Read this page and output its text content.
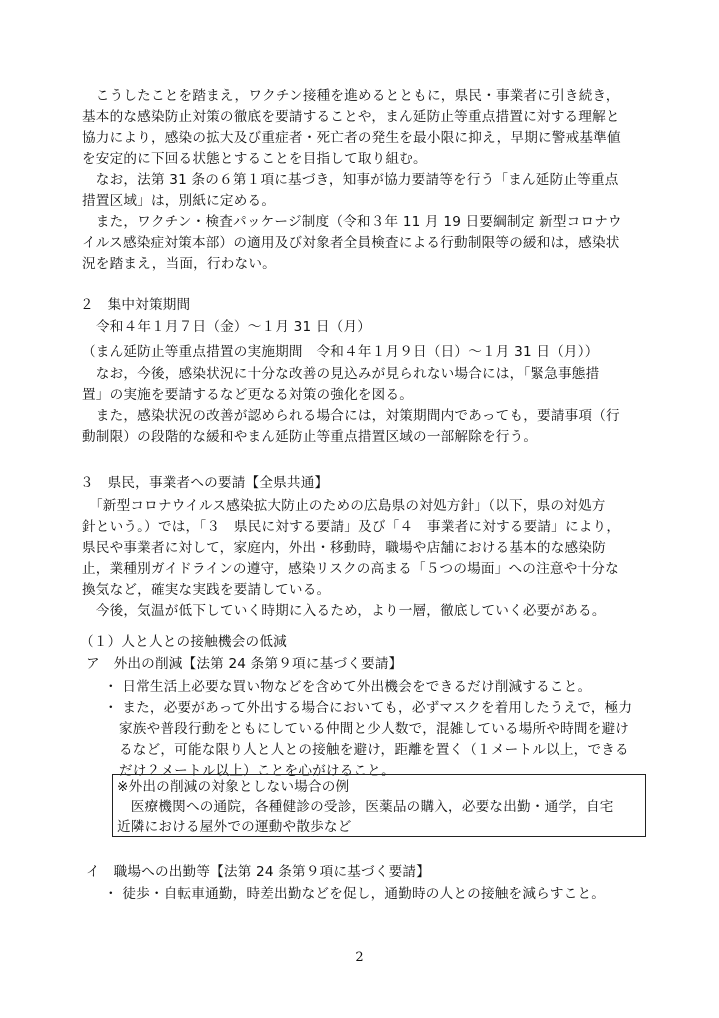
　こうしたことを踏まえ，ワクチン接種を進めるとともに，県民・事業者に引き続き，
基本的な感染防止対策の徹底を要請することや，まん延防止等重点措置に対する理解と
協力により，感染の拡大及び重症者・死亡者の発生を最小限に抑え，早期に警戒基準値
を安定的に下回る状態とすることを目指して取り組む。
　なお，法第 31 条の６第１項に基づき，知事が協力要請等を行う「まん延防止等重点
措置区域」は，別紙に定める。
　また，ワクチン・検査パッケージ制度（令和３年 11 月 19 日要綱制定 新型コロナウ
イルス感染症対策本部）の適用及び対象者全員検査による行動制限等の緩和は，感染状
況を踏まえ，当面，行わない。
２　集中対策期間
令和４年１月７日（金）～１月 31 日（月）
（まん延防止等重点措置の実施期間　令和４年１月９日（日）～１月 31 日（月））
　なお，今後，感染状況に十分な改善の見込みが見られない場合には，「緊急事態措
置」の実施を要請するなど更なる対策の強化を図る。
　また，感染状況の改善が認められる場合には，対策期間内であっても，要請事項（行
動制限）の段階的な緩和やまん延防止等重点措置区域の一部解除を行う。
３　県民，事業者への要請【全県共通】
　「新型コロナウイルス感染拡大防止のための広島県の対処方針」（以下，県の対処方
針という。）では，「３　県民に対する要請」及び「４　事業者に対する要請」により，
県民や事業者に対して，家庭内，外出・移動時，職場や店舗における基本的な感染防
止，業種別ガイドラインの遵守，感染リスクの高まる「５つの場面」への注意や十分な
換気など，確実な実践を要請している。
　今後，気温が低下していく時期に入るため，より一層，徹底していく必要がある。
（１）人と人との接触機会の低減
ア　外出の削減【法第 24 条第９項に基づく要請】
・ 日常生活上必要な買い物などを含めて外出機会をできるだけ削減すること。
・ また，必要があって外出する場合においても，必ずマスクを着用したうえで，極力
家族や普段行動をともにしている仲間と少人数で，混雑している場所や時間を避け
るなど，可能な限り人と人との接触を避け，距離を置く（１メートル以上，できる
だけ２メートル以上）ことを心がけること。
※外出の削減の対象としない場合の例
　医療機関への通院，各種健診の受診，医薬品の購入，必要な出勤・通学，自宅
近隣における屋外での運動や散歩など
イ　職場への出勤等【法第 24 条第９項に基づく要請】
・ 徒歩・自転車通勤，時差出勤などを促し，通勤時の人との接触を減らすこと。
2
